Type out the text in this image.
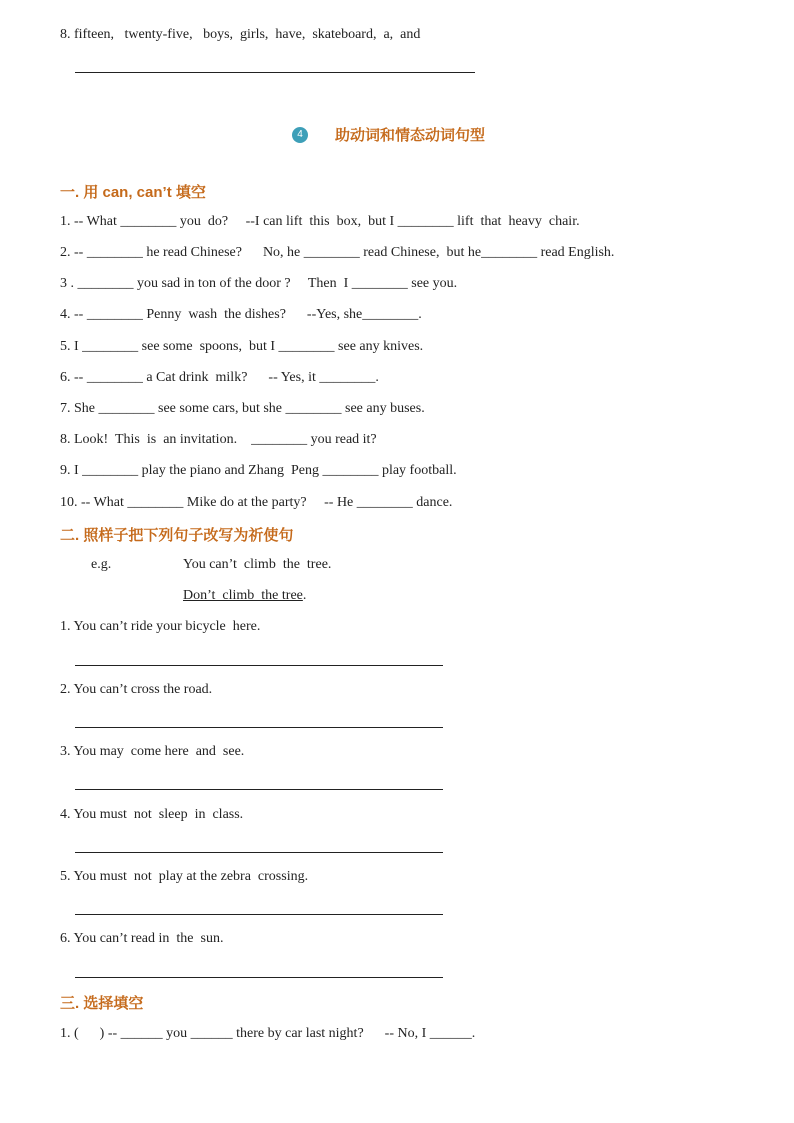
8. fifteen,   twenty-five,   boys,  girls,  have,  skateboard,  a,  and
4	助动词和情态动词句型
一. 用 can, can’t 填空
1. -- What ________ you  do?     --I can lift  this  box,  but I ________ lift  that  heavy  chair.
2. -- ________ he read Chinese?      No, he ________ read Chinese,  but he________ read English.
3 . ________ you sad in ton of the door ?     Then  I ________ see you.
4. -- ________ Penny  wash  the dishes?      --Yes, she________.
5. I ________ see some  spoons,  but I ________ see any knives.
6. -- ________ a Cat drink  milk?      -- Yes, it ________.
7. She ________ see some cars, but she ________ see any buses.
8. Look!  This  is  an invitation.    ________ you read it?
9. I ________ play the piano and Zhang  Peng ________ play football.
10. -- What ________ Mike do at the party?     -- He ________ dance.
二. 照样子把下列句子改写为祈使句
e.g.	You can’t  climb  the  tree.
Don’t  climb  the tree.
1. You can’t ride your bicycle  here.
2. You can’t cross the road.
3. You may  come here  and  see.
4. You must  not  sleep  in  class.
5. You must  not  play at the zebra  crossing.
6. You can’t read in  the  sun.
三. 选择填空
1. (      ) -- ______ you ______ there by car last night?      -- No, I ______.
